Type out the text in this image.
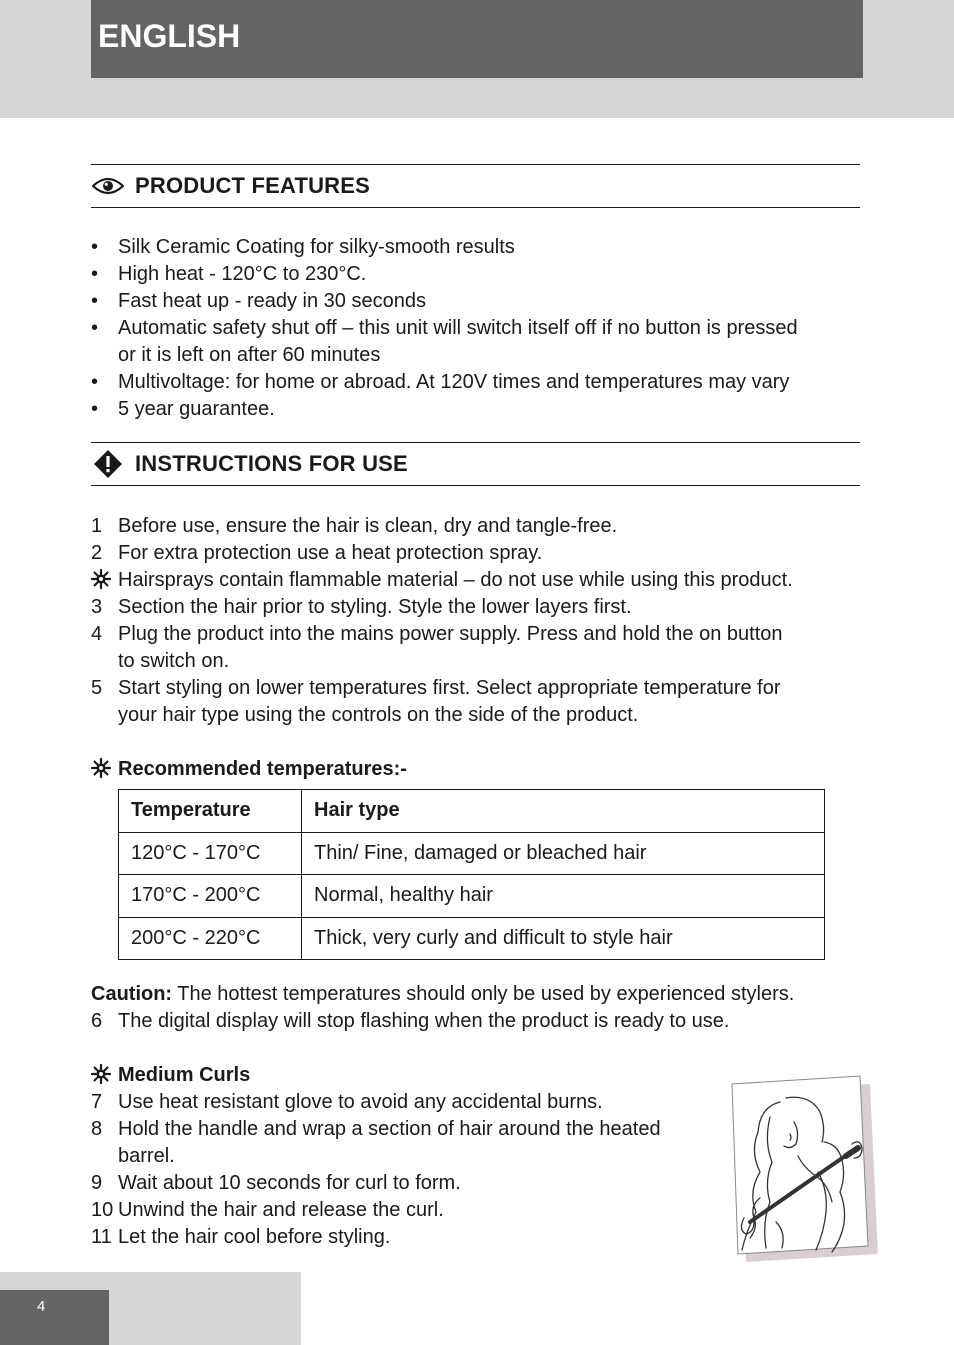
ENGLISH
PRODUCT FEATURES
• Silk Ceramic Coating for silky-smooth results
• High heat - 120°C to 230°C.
• Fast heat up - ready in 30 seconds
• Automatic safety shut off – this unit will switch itself off if no button is pressed
or it is left on after 60 minutes
• Multivoltage: for home or abroad. At 120V times and temperatures may vary
• 5 year guarantee.
INSTRUCTIONS FOR USE
1 Before use, ensure the hair is clean, dry and tangle-free.
2 For extra protection use a heat protection spray.
Hairsprays contain flammable material – do not use while using this product.
3 Section the hair prior to styling. Style the lower layers first.
4 Plug the product into the mains power supply. Press and hold the on button
to switch on.
5 Start styling on lower temperatures first. Select appropriate temperature for
your hair type using the controls on the side of the product.
Recommended temperatures:-
Temperature	Hair type
120°C - 170°C	Thin/ Fine, damaged or bleached hair
170°C - 200°C	Normal, healthy hair
200°C - 220°C	Thick, very curly and difficult to style hair
Caution: The hottest temperatures should only be used by experienced stylers.
6 The digital display will stop flashing when the product is ready to use.
Medium Curls
7 Use heat resistant glove to avoid any accidental burns.
8 Hold the handle and wrap a section of hair around the heated
barrel.
9 Wait about 10 seconds for curl to form.
10 Unwind the hair and release the curl.
11 Let the hair cool before styling.
4
